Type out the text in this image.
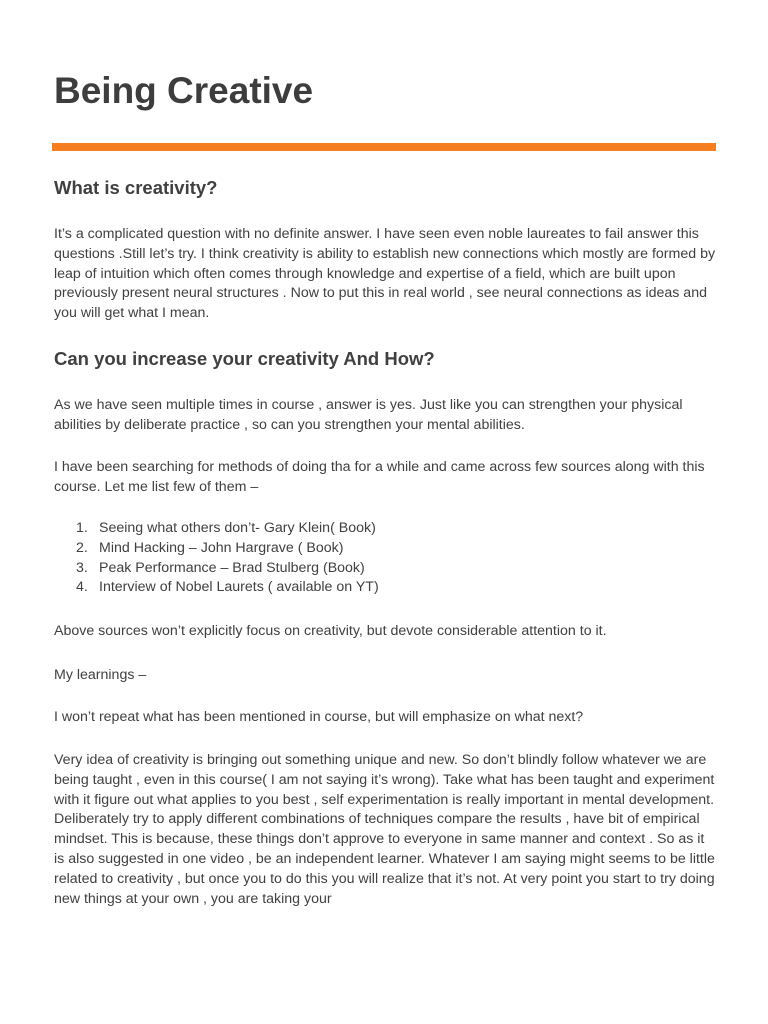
Being Creative
What is creativity?

It’s a complicated question with no definite answer. I have seen even noble laureates to fail answer this questions .Still let’s try. I think creativity is ability to establish new connections which mostly are formed by leap of intuition which often comes through knowledge and expertise of a field, which are built upon previously present neural structures . Now to put this in real world , see neural connections as ideas and you will get what I mean.

Can you increase your creativity And How?

As we have seen multiple times in course , answer is yes. Just like you can strengthen your physical abilities by deliberate practice , so can you strengthen your mental abilities.

I have been searching for methods of doing tha for a while and came across few sources along with this course. Let me list few of them –

1. Seeing what others don’t- Gary Klein( Book)
2. Mind Hacking – John Hargrave ( Book)
3. Peak Performance – Brad Stulberg (Book)
4. Interview of Nobel Laurets ( available on YT)

Above sources won’t explicitly focus on creativity, but devote considerable attention to it.

My learnings –

I won’t repeat what has been mentioned in course, but will emphasize on what next?

Very idea of creativity is bringing out something unique and new. So don’t blindly follow whatever we are being taught , even in this course( I am not saying it’s wrong). Take what has been taught and experiment with it figure out what applies to you best , self experimentation is really important in mental development. Deliberately try to apply different combinations of techniques compare the results , have bit of empirical mindset. This is because, these things don’t approve to everyone in same manner and context . So as it is also suggested in one video , be an independent learner. Whatever I am saying might seems to be little related to creativity , but once you to do this you will realize that it’s not. At very point you start to try doing new things at your own , you are taking your
